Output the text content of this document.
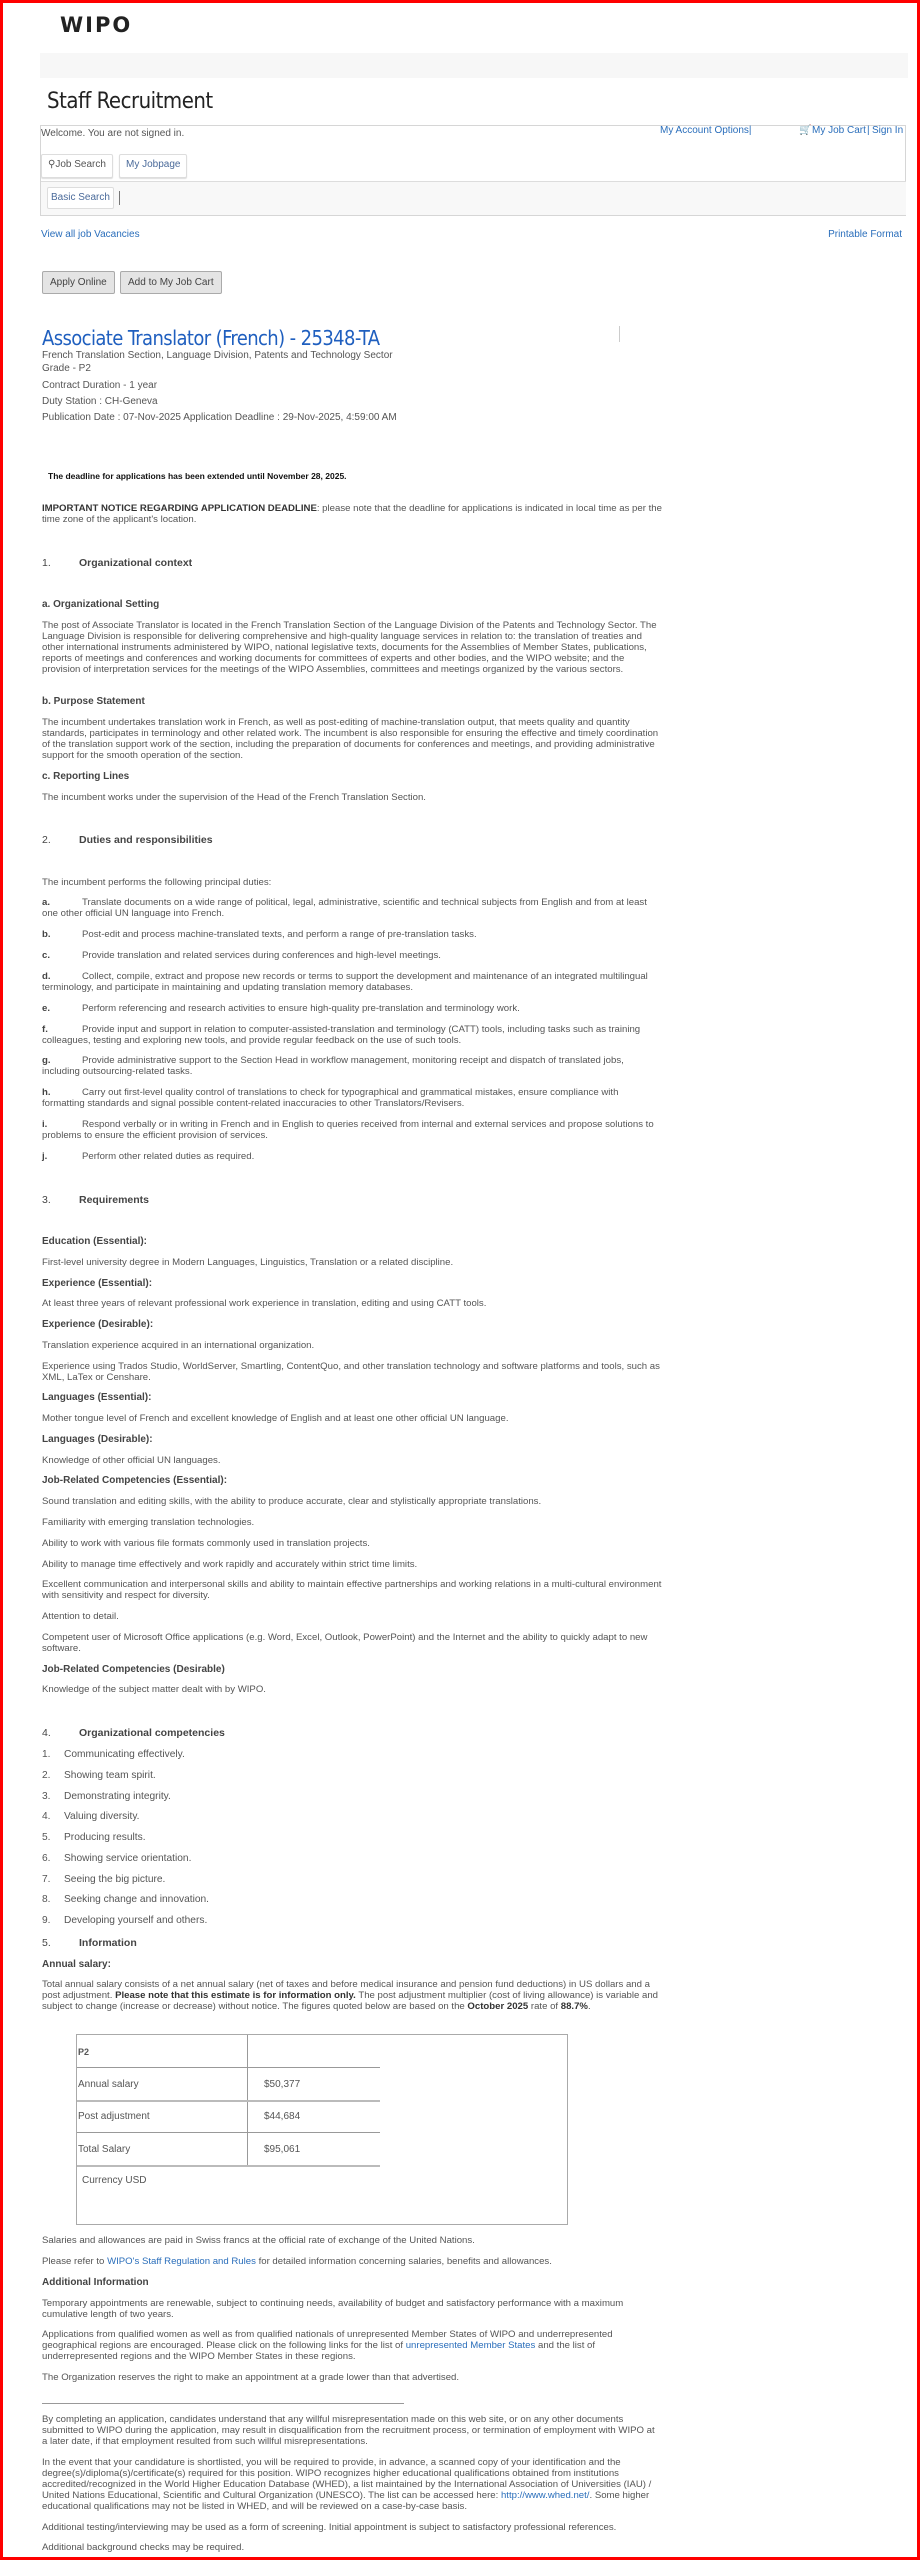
WIPO
Staff Recruitment
Welcome. You are not signed in.	My Account Options|	🛒 My Job Cart | Sign In
⚲Job Search	My Jobpage
Basic Search
View all job Vacancies	Printable Format
Apply Online	Add to My Job Cart
Associate Translator (French) - 25348-TA
French Translation Section, Language Division, Patents and Technology Sector
Grade - P2
Contract Duration - 1 year
Duty Station : CH-Geneva
Publication Date : 07-Nov-2025 Application Deadline : 29-Nov-2025, 4:59:00 AM
The deadline for applications has been extended until November 28, 2025.
IMPORTANT NOTICE REGARDING APPLICATION DEADLINE: please note that the deadline for applications is indicated in local time as per the time zone of the applicant's location.
1.	Organizational context
a. Organizational Setting
The post of Associate Translator is located in the French Translation Section of the Language Division of the Patents and Technology Sector. The Language Division is responsible for delivering comprehensive and high-quality language services in relation to: the translation of treaties and other international instruments administered by WIPO, national legislative texts, documents for the Assemblies of Member States, publications, reports of meetings and conferences and working documents for committees of experts and other bodies, and the WIPO website; and the provision of interpretation services for the meetings of the WIPO Assemblies, committees and meetings organized by the various sectors.
b. Purpose Statement
The incumbent undertakes translation work in French, as well as post-editing of machine-translation output, that meets quality and quantity standards, participates in terminology and other related work. The incumbent is also responsible for ensuring the effective and timely coordination of the translation support work of the section, including the preparation of documents for conferences and meetings, and providing administrative support for the smooth operation of the section.
c. Reporting Lines
The incumbent works under the supervision of the Head of the French Translation Section.
2.	Duties and responsibilities
The incumbent performs the following principal duties:
a.	Translate documents on a wide range of political, legal, administrative, scientific and technical subjects from English and from at least one other official UN language into French.
b.	Post-edit and process machine-translated texts, and perform a range of pre-translation tasks.
c.	Provide translation and related services during conferences and high-level meetings.
d.	Collect, compile, extract and propose new records or terms to support the development and maintenance of an integrated multilingual terminology, and participate in maintaining and updating translation memory databases.
e.	Perform referencing and research activities to ensure high-quality pre-translation and terminology work.
f.	Provide input and support in relation to computer-assisted-translation and terminology (CATT) tools, including tasks such as training colleagues, testing and exploring new tools, and provide regular feedback on the use of such tools.
g.	Provide administrative support to the Section Head in workflow management, monitoring receipt and dispatch of translated jobs, including outsourcing-related tasks.
h.	Carry out first-level quality control of translations to check for typographical and grammatical mistakes, ensure compliance with formatting standards and signal possible content-related inaccuracies to other Translators/Revisers.
i.	Respond verbally or in writing in French and in English to queries received from internal and external services and propose solutions to problems to ensure the efficient provision of services.
j.	Perform other related duties as required.
3.	Requirements
Education (Essential):
First-level university degree in Modern Languages, Linguistics, Translation or a related discipline.
Experience (Essential):
At least three years of relevant professional work experience in translation, editing and using CATT tools.
Experience (Desirable):
Translation experience acquired in an international organization.
Experience using Trados Studio, WorldServer, Smartling, ContentQuo, and other translation technology and software platforms and tools, such as XML, LaTex or Censhare.
Languages (Essential):
Mother tongue level of French and excellent knowledge of English and at least one other official UN language.
Languages (Desirable):
Knowledge of other official UN languages.
Job-Related Competencies (Essential):
Sound translation and editing skills, with the ability to produce accurate, clear and stylistically appropriate translations.
Familiarity with emerging translation technologies.
Ability to work with various file formats commonly used in translation projects.
Ability to manage time effectively and work rapidly and accurately within strict time limits.
Excellent communication and interpersonal skills and ability to maintain effective partnerships and working relations in a multi-cultural environment with sensitivity and respect for diversity.
Attention to detail.
Competent user of Microsoft Office applications (e.g. Word, Excel, Outlook, PowerPoint) and the Internet and the ability to quickly adapt to new software.
Job-Related Competencies (Desirable)
Knowledge of the subject matter dealt with by WIPO.
4.	Organizational competencies
1. Communicating effectively.
2. Showing team spirit.
3. Demonstrating integrity.
4. Valuing diversity.
5. Producing results.
6. Showing service orientation.
7. Seeing the big picture.
8. Seeking change and innovation.
9. Developing yourself and others.
5.	Information
Annual salary:
Total annual salary consists of a net annual salary (net of taxes and before medical insurance and pension fund deductions) in US dollars and a post adjustment. Please note that this estimate is for information only. The post adjustment multiplier (cost of living allowance) is variable and subject to change (increase or decrease) without notice. The figures quoted below are based on the October 2025 rate of 88.7%.
P2
Annual salary	$50,377
Post adjustment	$44,684
Total Salary	$95,061
Currency USD
Salaries and allowances are paid in Swiss francs at the official rate of exchange of the United Nations.
Please refer to WIPO's Staff Regulation and Rules for detailed information concerning salaries, benefits and allowances.
Additional Information
Temporary appointments are renewable, subject to continuing needs, availability of budget and satisfactory performance with a maximum cumulative length of two years.
Applications from qualified women as well as from qualified nationals of unrepresented Member States of WIPO and underrepresented geographical regions are encouraged. Please click on the following links for the list of unrepresented Member States and the list of underrepresented regions and the WIPO Member States in these regions.
The Organization reserves the right to make an appointment at a grade lower than that advertised.
By completing an application, candidates understand that any willful misrepresentation made on this web site, or on any other documents submitted to WIPO during the application, may result in disqualification from the recruitment process, or termination of employment with WIPO at a later date, if that employment resulted from such willful misrepresentations.
In the event that your candidature is shortlisted, you will be required to provide, in advance, a scanned copy of your identification and the degree(s)/diploma(s)/certificate(s) required for this position. WIPO recognizes higher educational qualifications obtained from institutions accredited/recognized in the World Higher Education Database (WHED), a list maintained by the International Association of Universities (IAU) / United Nations Educational, Scientific and Cultural Organization (UNESCO). The list can be accessed here: http://www.whed.net/. Some higher educational qualifications may not be listed in WHED, and will be reviewed on a case-by-case basis.
Additional testing/interviewing may be used as a form of screening. Initial appointment is subject to satisfactory professional references.
Additional background checks may be required.
